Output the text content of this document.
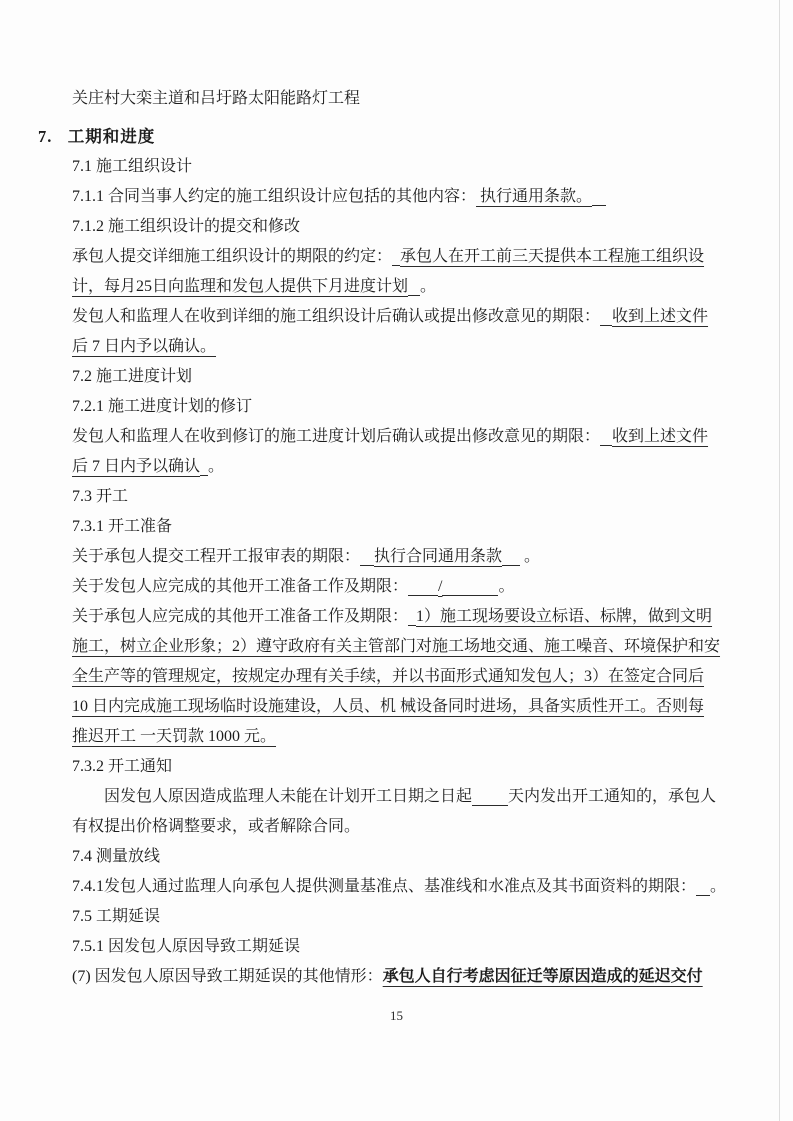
关庄村大栾主道和吕圩路太阳能路灯工程
7.   工期和进度
7.1 施工组织设计
7.1.1 合同当事人约定的施工组织设计应包括的其他内容： 执行通用条款。
7.1.2 施工组织设计的提交和修改
承包人提交详细施工组织设计的期限的约定： 承包人在开工前三天提供本工程施工组织设
计，每月25日向监理和发包人提供下月进度计划 。
发包人和监理人在收到详细的施工组织设计后确认或提出修改意见的期限： 收到上述文件
后 7 日内予以确认。
7.2 施工进度计划
7.2.1 施工进度计划的修订
发包人和监理人在收到修订的施工进度计划后确认或提出修改意见的期限： 收到上述文件
后 7 日内予以确认 。
7.3 开工
7.3.1 开工准备
关于承包人提交工程开工报审表的期限： 执行合同通用条款 。
关于发包人应完成的其他开工准备工作及期限： /	。
关于承包人应完成的其他开工准备工作及期限： 1）施工现场要设立标语、标牌，做到文明
施工，树立企业形象；2）遵守政府有关主管部门对施工场地交通、施工噪音、环境保护和安
全生产等的管理规定，按规定办理有关手续，并以书面形式通知发包人；3）在签定合同后
10 日内完成施工现场临时设施建设，人员、机 械设备同时进场，具备实质性开工。否则每
推迟开工 一天罚款 1000 元。
7.3.2 开工通知
因发包人原因造成监理人未能在计划开工日期之日起 天内发出开工通知的，承包人
有权提出价格调整要求，或者解除合同。
7.4 测量放线
7.4.1发包人通过监理人向承包人提供测量基准点、基准线和水准点及其书面资料的期限： 。
7.5 工期延误
7.5.1 因发包人原因导致工期延误
(7) 因发包人原因导致工期延误的其他情形：承包人自行考虑因征迁等原因造成的延迟交付
15
